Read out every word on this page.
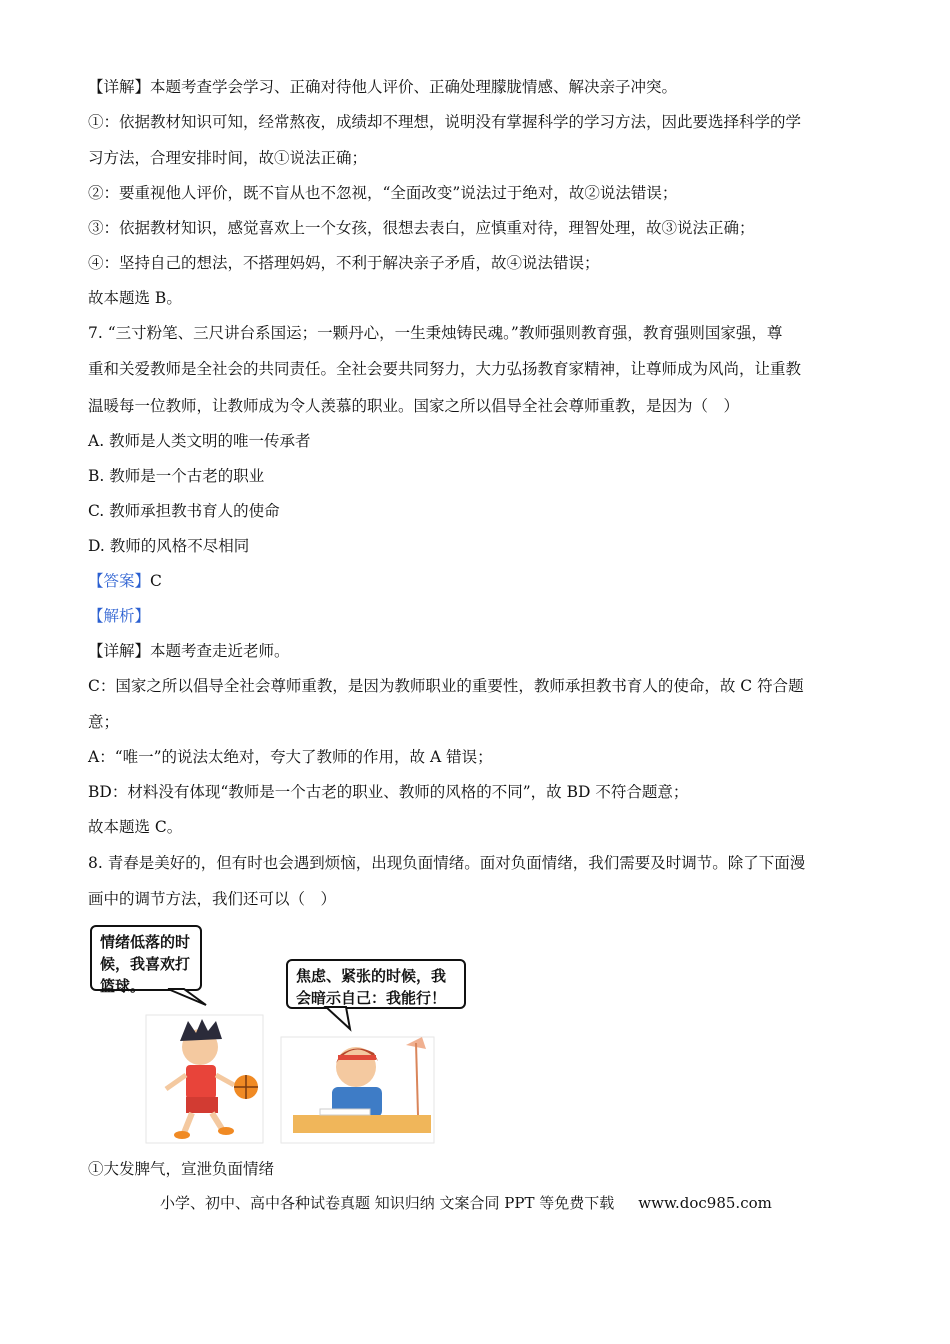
【详解】本题考查学会学习、正确对待他人评价、正确处理朦胧情感、解决亲子冲突。
①：依据教材知识可知，经常熬夜，成绩却不理想，说明没有掌握科学的学习方法，因此要选择科学的学
习方法，合理安排时间，故①说法正确；
②：要重视他人评价，既不盲从也不忽视，“全面改变”说法过于绝对，故②说法错误；
③：依据教材知识，感觉喜欢上一个女孩，很想去表白，应慎重对待，理智处理，故③说法正确；
④：坚持自己的想法，不搭理妈妈，不利于解决亲子矛盾，故④说法错误；
故本题选 B。
7. “三寸粉笔、三尺讲台系国运；一颗丹心，一生秉烛铸民魂。”教师强则教育强，教育强则国家强，尊
重和关爱教师是全社会的共同责任。全社会要共同努力，大力弘扬教育家精神，让尊师成为风尚，让重教
温暖每一位教师，让教师成为令人羡慕的职业。国家之所以倡导全社会尊师重教，是因为（　）
A. 教师是人类文明的唯一传承者
B. 教师是一个古老的职业
C. 教师承担教书育人的使命
D. 教师的风格不尽相同
【答案】C
【解析】
【详解】本题考查走近老师。
C：国家之所以倡导全社会尊师重教，是因为教师职业的重要性，教师承担教书育人的使命，故 C 符合题
意；
A：“唯一”的说法太绝对，夸大了教师的作用，故 A 错误；
BD：材料没有体现“教师是一个古老的职业、教师的风格的不同”，故 BD 不符合题意；
故本题选 C。
8. 青春是美好的，但有时也会遇到烦恼，出现负面情绪。面对负面情绪，我们需要及时调节。除了下面漫
画中的调节方法，我们还可以（　）
情绪低落的时
候，我喜欢打
篮球。
焦虑、紧张的时候，我
会暗示自己：我能行！
①大发脾气，宣泄负面情绪
小学、初中、高中各种试卷真题 知识归纳 文案合同 PPT 等免费下载 www.doc985.com
